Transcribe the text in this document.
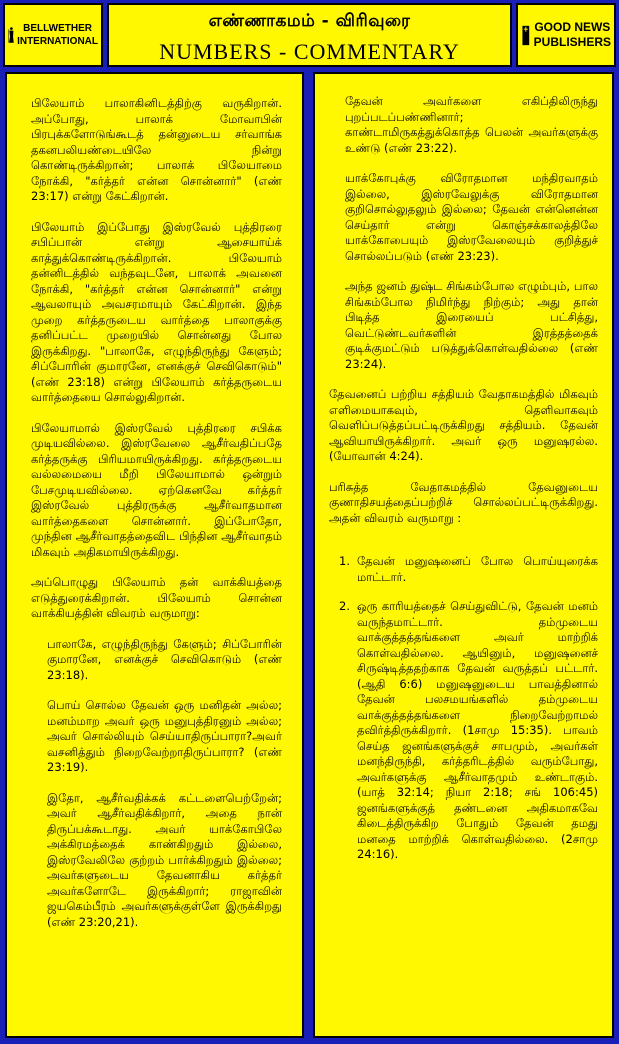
BELLWETHER
INTERNATIONAL
எண்ணாகமம் - விரிவுரை
NUMBERS - COMMENTARY
GOOD NEWS
PUBLISHERS

பிலேயாம் பாலாகினிடத்திற்கு வருகிறான். அப்போது, பாலாக் மோவாபின் பிரபுக்களோடுங்கூடத் தன்னுடைய சர்வாங்க தகனபலியண்டையிலே நின்று கொண்டிருக்கிறான்; பாலாக் பிலேயாமை நோக்கி, "கர்த்தர் என்ன சொன்னார்" (எண் 23:17) என்று கேட்கிறான்.

பிலேயாம் இப்போது இஸ்ரவேல் புத்திரரை சபிப்பான் என்று ஆசையாய்க் காத்துக்கொண்டிருக்கிறான். பிலேயாம் தன்னிடத்தில் வந்தவுடனே, பாலாக் அவனை நோக்கி, "கர்த்தர் என்ன சொன்னார்" என்று ஆவலாயும் அவசரமாயும் கேட்கிறான். இந்த முறை கர்த்தருடைய வார்த்தை பாலாகுக்கு தனிப்பட்ட முறையில் சொன்னது போல இருக்கிறது. "பாலாகே, எழுந்திருந்து கேளும்; சிப்போரின் குமாரனே, எனக்குச் செவிகொடும்" (எண் 23:18) என்று பிலேயாம் கர்த்தருடைய வார்த்தையை சொல்லுகிறான்.

பிலேயாமால் இஸ்ரவேல் புத்திரரை சபிக்க முடியவில்லை. இஸ்ரவேலை ஆசீர்வதிப்பதே கர்த்தருக்கு பிரியமாயிருக்கிறது. கர்த்தருடைய வல்லமையை மீறி பிலேயாமால் ஒன்றும் பேசமுடியவில்லை. ஏற்கெனவே கர்த்தர் இஸ்ரவேல் புத்திரருக்கு ஆசீர்வாதமான வார்த்தைகளை சொன்னார். இப்போதோ, முந்தின ஆசீர்வாதத்தைவிட பிந்தின ஆசீர்வாதம் மிகவும் அதிகமாயிருக்கிறது.

அப்பொழுது பிலேயாம் தன் வாக்கியத்தை எடுத்துரைக்கிறான். பிலேயாம் சொன்ன வாக்கியத்தின் விவரம் வருமாறு:

பாலாகே, எழுந்திருந்து கேளும்; சிப்போரின் குமாரனே, எனக்குச் செவிகொடும் (எண் 23:18).

பொய் சொல்ல தேவன் ஒரு மனிதன் அல்ல; மனம்மாற அவர் ஒரு மனுபுத்திரனும் அல்ல; அவர் சொல்லியும் செய்யாதிருப்பாரா?அவர் வசனித்தும் நிறைவேற்றாதிருப்பாரா? (எண் 23:19).

இதோ, ஆசீர்வதிக்கக் கட்டளைபெற்றேன்; அவர் ஆசீர்வதிக்கிறார், அதை நான் திருப்பக்கூடாது. அவர் யாக்கோபிலே அக்கிரமத்தைக் காண்கிறதும் இல்லை, இஸ்ரவேலிலே குற்றம் பார்க்கிறதும் இல்லை; அவர்களுடைய தேவனாகிய கர்த்தர் அவர்களோடே இருக்கிறார்; ராஜாவின் ஜயகெம்பீரம் அவர்களுக்குள்ளே இருக்கிறது (எண் 23:20,21).

தேவன் அவர்களை எகிப்திலிருந்து புறப்படப்பண்ணினார்; காண்டாமிருகத்துக்கொத்த பெலன் அவர்களுக்கு உண்டு (எண் 23:22).

யாக்கோபுக்கு விரோதமான மந்திரவாதம் இல்லை, இஸ்ரவேலுக்கு விரோதமான குறிசொல்லுதலும் இல்லை; தேவன் என்னென்ன செய்தார் என்று கொஞ்சக்காலத்திலே யாக்கோபையும் இஸ்ரவேலையும் குறித்துச் சொல்லப்படும் (எண் 23:23).

அந்த ஜனம் துஷ்ட சிங்கம்போல எழும்பும், பால சிங்கம்போல நிமிர்ந்து நிற்கும்; அது தான் பிடித்த இரையைப் பட்சித்து, வெட்டுண்டவர்களின் இரத்தத்தைக் குடிக்குமட்டும் படுத்துக்கொள்வதில்லை (எண் 23:24).

தேவனைப் பற்றிய சத்தியம் வேதாகமத்தில் மிகவும் எளிமையாகவும், தெளிவாகவும் வெளிப்படுத்தப்பட்டிருக்கிறது சத்தியம். தேவன் ஆவியாயிருக்கிறார். அவர் ஒரு மனுஷரல்ல. (யோவான் 4:24).

பரிசுத்த வேதாகமத்தில் தேவனுடைய குணாதிசயத்தைப்பற்றிச் சொல்லப்பட்டிருக்கிறது. அதன் விவரம் வருமாறு :

1. தேவன் மனுஷனைப் போல பொய்யுரைக்க மாட்டார்.
2. ஒரு காரியத்தைச் செய்துவிட்டு, தேவன் மனம் வருந்தமாட்டார். தம்முடைய வாக்குத்தத்தங்களை அவர் மாற்றிக் கொள்வதில்லை. ஆயினும், மனுஷனைச் சிருஷ்டித்ததற்காக தேவன் வருத்தப் பட்டார். (ஆதி 6:6) மனுஷனுடைய பாவத்தினால் தேவன் பலசமயங்களில் தம்முடைய வாக்குத்தத்தங்களை நிறைவேற்றாமல் தவிர்த்திருக்கிறார். (1சாமு 15:35). பாவம் செய்த ஜனங்களுக்குச் சாபமும், அவர்கள் மனந்திருந்தி, கர்த்தரிடத்தில் வரும்போது, அவர்களுக்கு ஆசீர்வாதமும் உண்டாகும். (யாத் 32:14; நியா 2:18; சங் 106:45) ஜனங்களுக்குத் தண்டனை அதிகமாகவே கிடைத்திருக்கிற போதும் தேவன் தமது மனதை மாற்றிக் கொள்வதில்லை. (2சாமு 24:16).
